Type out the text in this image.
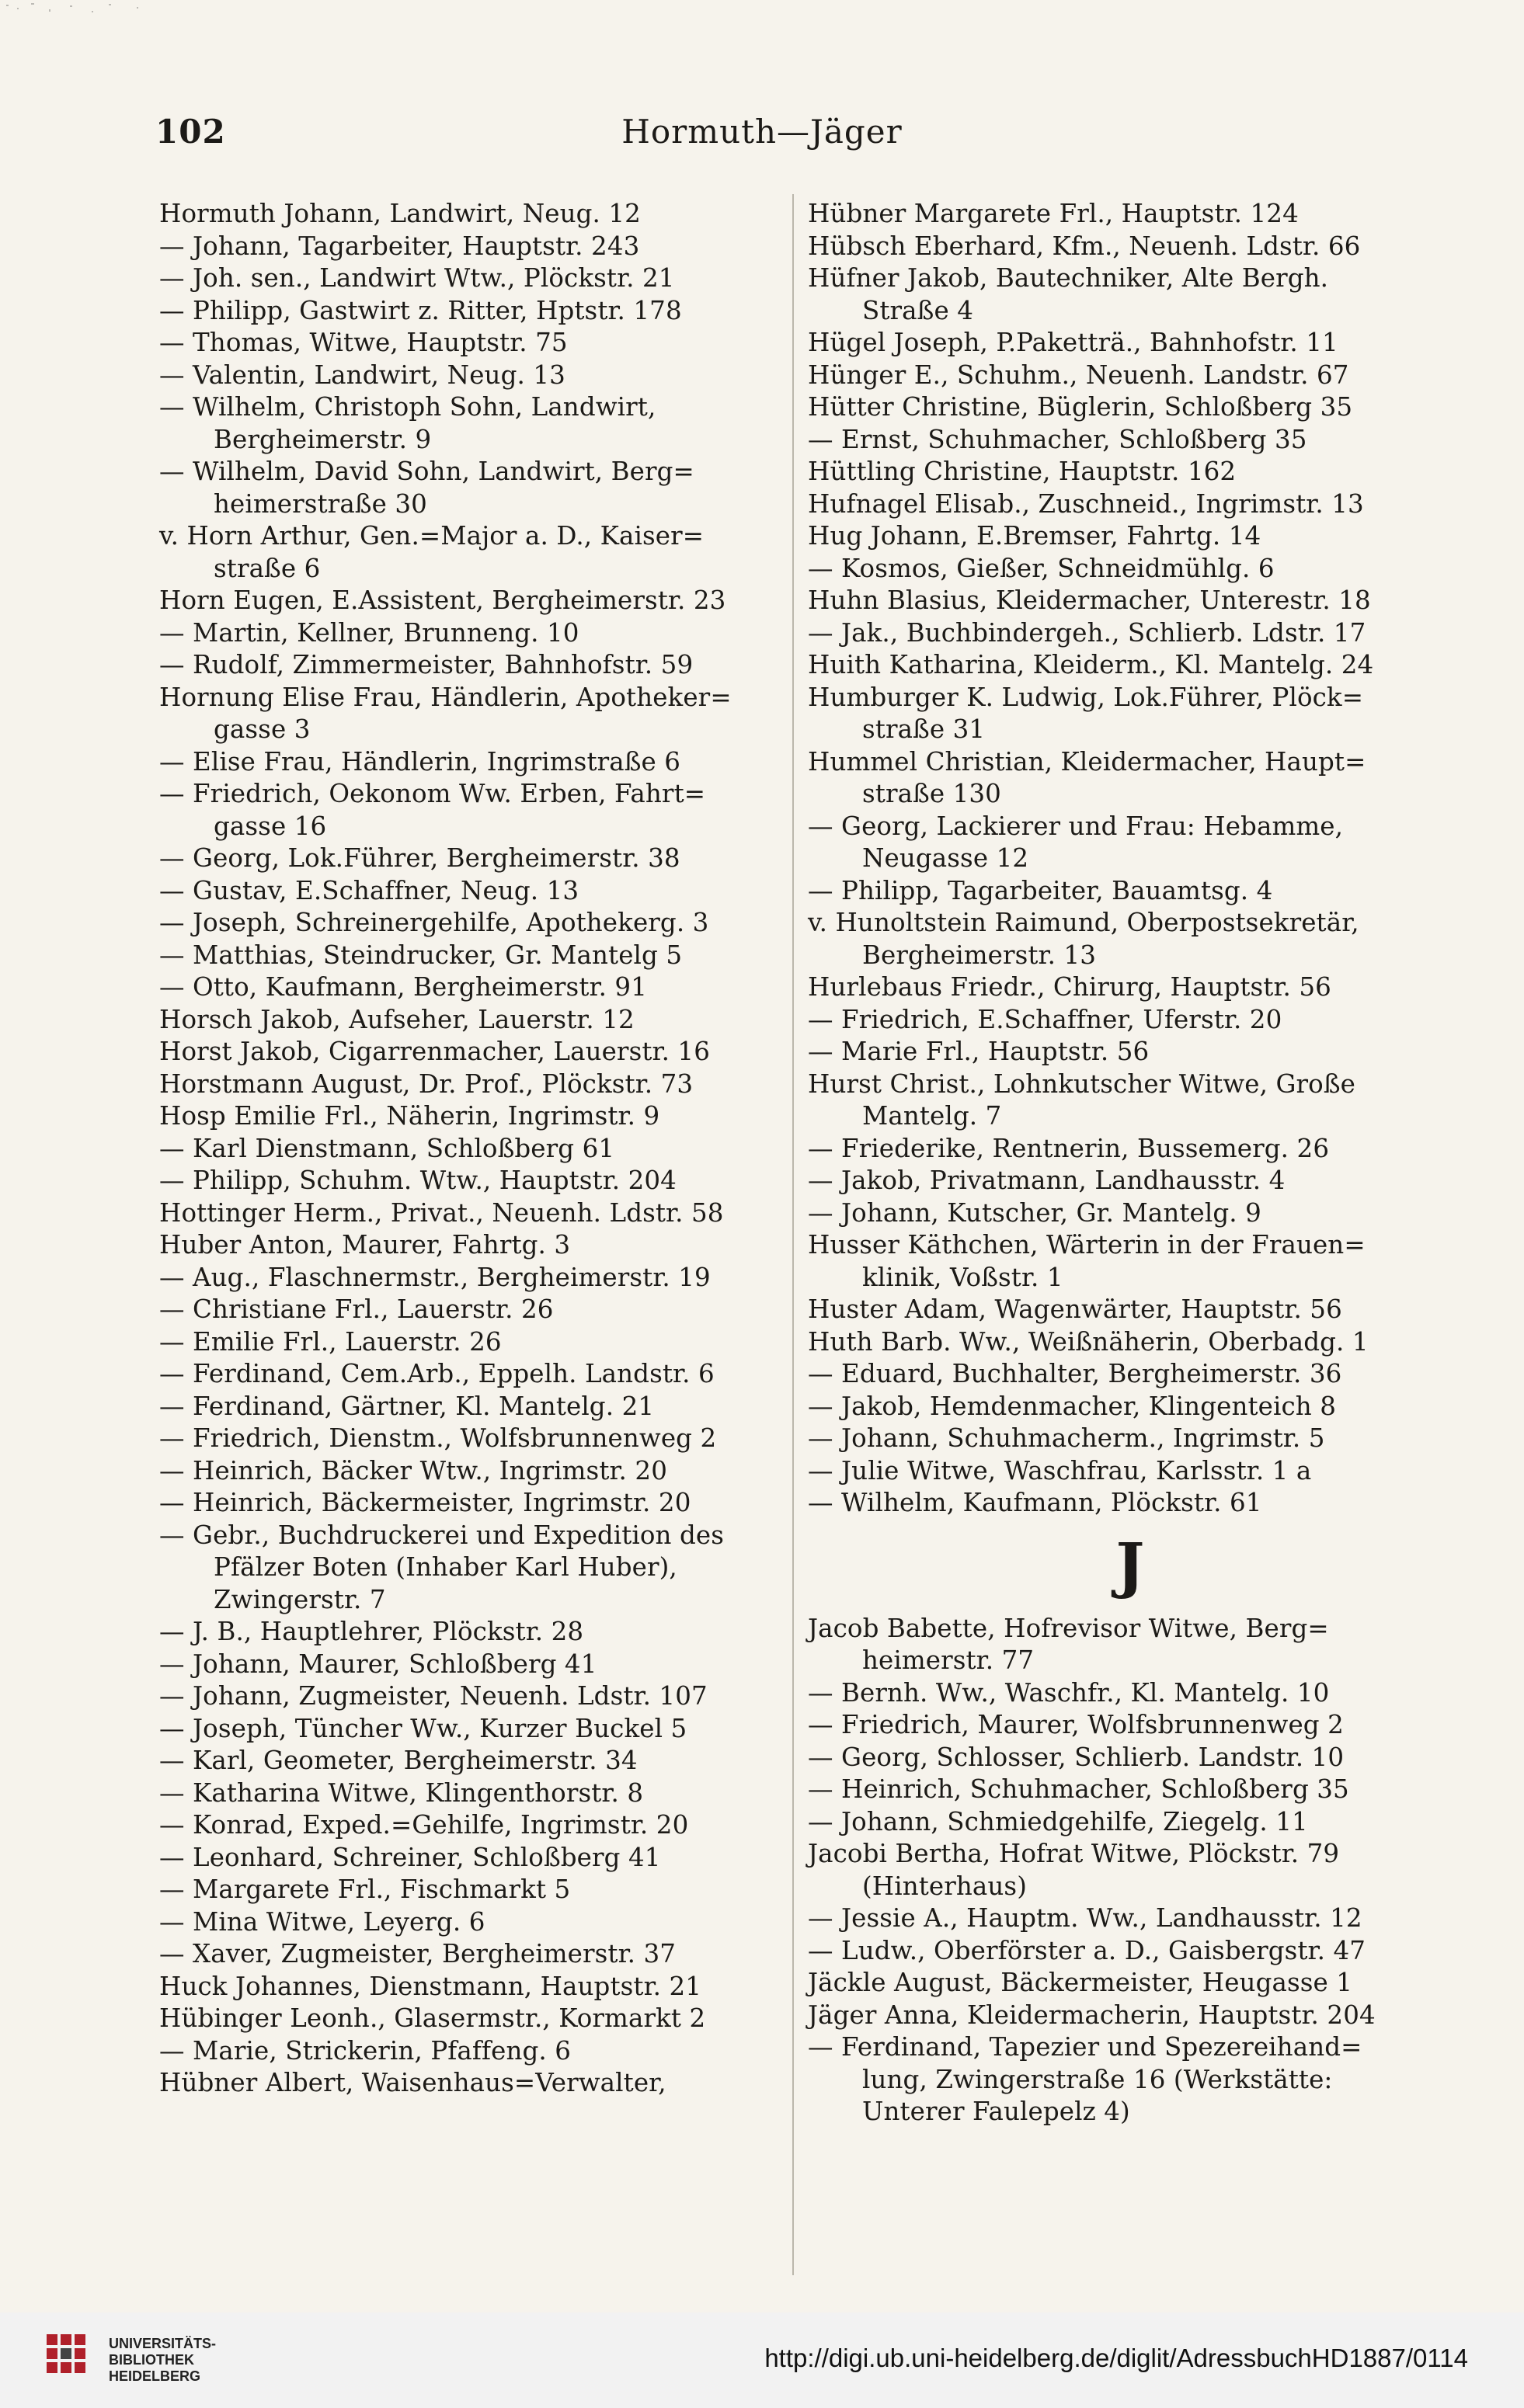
102	Hormuth—Jäger
Hormuth Johann, Landwirt, Neug. 12
— Johann, Tagarbeiter, Hauptstr. 243
— Joh. sen., Landwirt Wtw., Plöckstr. 21
— Philipp, Gastwirt z. Ritter, Hptstr. 178
— Thomas, Witwe, Hauptstr. 75
— Valentin, Landwirt, Neug. 13
— Wilhelm, Christoph Sohn, Landwirt,
Bergheimerstr. 9
— Wilhelm, David Sohn, Landwirt, Berg=
heimerstraße 30
v. Horn Arthur, Gen.=Major a. D., Kaiser=
straße 6
Horn Eugen, E.Assistent, Bergheimerstr. 23
— Martin, Kellner, Brunneng. 10
— Rudolf, Zimmermeister, Bahnhofstr. 59
Hornung Elise Frau, Händlerin, Apotheker=
gasse 3
— Elise Frau, Händlerin, Ingrimstraße 6
— Friedrich, Oekonom Ww. Erben, Fahrt=
gasse 16
— Georg, Lok.Führer, Bergheimerstr. 38
— Gustav, E.Schaffner, Neug. 13
— Joseph, Schreinergehilfe, Apothekerg. 3
— Matthias, Steindrucker, Gr. Mantelg 5
— Otto, Kaufmann, Bergheimerstr. 91
Horsch Jakob, Aufseher, Lauerstr. 12
Horst Jakob, Cigarrenmacher, Lauerstr. 16
Horstmann August, Dr. Prof., Plöckstr. 73
Hosp Emilie Frl., Näherin, Ingrimstr. 9
— Karl Dienstmann, Schloßberg 61
— Philipp, Schuhm. Wtw., Hauptstr. 204
Hottinger Herm., Privat., Neuenh. Ldstr. 58
Huber Anton, Maurer, Fahrtg. 3
— Aug., Flaschnermstr., Bergheimerstr. 19
— Christiane Frl., Lauerstr. 26
— Emilie Frl., Lauerstr. 26
— Ferdinand, Cem.Arb., Eppelh. Landstr. 6
— Ferdinand, Gärtner, Kl. Mantelg. 21
— Friedrich, Dienstm., Wolfsbrunnenweg 2
— Heinrich, Bäcker Wtw., Ingrimstr. 20
— Heinrich, Bäckermeister, Ingrimstr. 20
— Gebr., Buchdruckerei und Expedition des
Pfälzer Boten (Inhaber Karl Huber),
Zwingerstr. 7
— J. B., Hauptlehrer, Plöckstr. 28
— Johann, Maurer, Schloßberg 41
— Johann, Zugmeister, Neuenh. Ldstr. 107
— Joseph, Tüncher Ww., Kurzer Buckel 5
— Karl, Geometer, Bergheimerstr. 34
— Katharina Witwe, Klingenthorstr. 8
— Konrad, Exped.=Gehilfe, Ingrimstr. 20
— Leonhard, Schreiner, Schloßberg 41
— Margarete Frl., Fischmarkt 5
— Mina Witwe, Leyerg. 6
— Xaver, Zugmeister, Bergheimerstr. 37
Huck Johannes, Dienstmann, Hauptstr. 21
Hübinger Leonh., Glasermstr., Kormarkt 2
— Marie, Strickerin, Pfaffeng. 6
Hübner Albert, Waisenhaus=Verwalter,
Hübner Margarete Frl., Hauptstr. 124
Hübsch Eberhard, Kfm., Neuenh. Ldstr. 66
Hüfner Jakob, Bautechniker, Alte Bergh.
Straße 4
Hügel Joseph, P.Paketträ., Bahnhofstr. 11
Hünger E., Schuhm., Neuenh. Landstr. 67
Hütter Christine, Büglerin, Schloßberg 35
— Ernst, Schuhmacher, Schloßberg 35
Hüttling Christine, Hauptstr. 162
Hufnagel Elisab., Zuschneid., Ingrimstr. 13
Hug Johann, E.Bremser, Fahrtg. 14
— Kosmos, Gießer, Schneidmühlg. 6
Huhn Blasius, Kleidermacher, Unterestr. 18
— Jak., Buchbindergeh., Schlierb. Ldstr. 17
Huith Katharina, Kleiderm., Kl. Mantelg. 24
Humburger K. Ludwig, Lok.Führer, Plöck=
straße 31
Hummel Christian, Kleidermacher, Haupt=
straße 130
— Georg, Lackierer und Frau: Hebamme,
Neugasse 12
— Philipp, Tagarbeiter, Bauamtsg. 4
v. Hunoltstein Raimund, Oberpostsekretär,
Bergheimerstr. 13
Hurlebaus Friedr., Chirurg, Hauptstr. 56
— Friedrich, E.Schaffner, Uferstr. 20
— Marie Frl., Hauptstr. 56
Hurst Christ., Lohnkutscher Witwe, Große
Mantelg. 7
— Friederike, Rentnerin, Bussemerg. 26
— Jakob, Privatmann, Landhausstr. 4
— Johann, Kutscher, Gr. Mantelg. 9
Husser Käthchen, Wärterin in der Frauen=
klinik, Voßstr. 1
Huster Adam, Wagenwärter, Hauptstr. 56
Huth Barb. Ww., Weißnäherin, Oberbadg. 1
— Eduard, Buchhalter, Bergheimerstr. 36
— Jakob, Hemdenmacher, Klingenteich 8
— Johann, Schuhmacherm., Ingrimstr. 5
— Julie Witwe, Waschfrau, Karlsstr. 1 a
— Wilhelm, Kaufmann, Plöckstr. 61
J
Jacob Babette, Hofrevisor Witwe, Berg=
heimerstr. 77
— Bernh. Ww., Waschfr., Kl. Mantelg. 10
— Friedrich, Maurer, Wolfsbrunnenweg 2
— Georg, Schlosser, Schlierb. Landstr. 10
— Heinrich, Schuhmacher, Schloßberg 35
— Johann, Schmiedgehilfe, Ziegelg. 11
Jacobi Bertha, Hofrat Witwe, Plöckstr. 79
(Hinterhaus)
— Jessie A., Hauptm. Ww., Landhausstr. 12
— Ludw., Oberförster a. D., Gaisbergstr. 47
Jäckle August, Bäckermeister, Heugasse 1
Jäger Anna, Kleidermacherin, Hauptstr. 204
— Ferdinand, Tapezier und Spezereihand=
lung, Zwingerstraße 16 (Werkstätte:
Unterer Faulepelz 4)
UNIVERSITÄTS-
BIBLIOTHEK
HEIDELBERG
http://digi.ub.uni-heidelberg.de/diglit/AdressbuchHD1887/0114
